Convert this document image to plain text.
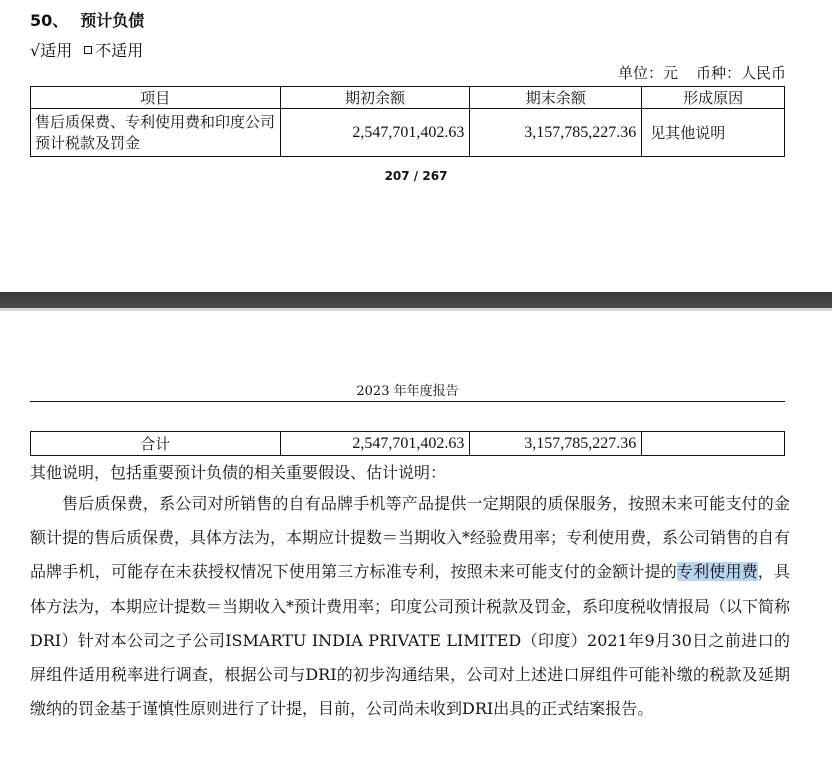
50、 预计负债
√适用 不适用
单位：元 币种：人民币
项目	期初余额	期末余额	形成原因
售后质保费、专利使用费和印度公司预计税款及罚金	2,547,701,402.63	3,157,785,227.36	见其他说明
207 / 267
2023 年年度报告
合计	2,547,701,402.63	3,157,785,227.36	
其他说明，包括重要预计负债的相关重要假设、估计说明：
售后质保费，系公司对所销售的自有品牌手机等产品提供一定期限的质保服务，按照未来可能支付的金额计提的售后质保费，具体方法为，本期应计提数＝当期收入*经验费用率；专利使用费，系公司销售的自有品牌手机，可能存在未获授权情况下使用第三方标准专利，按照未来可能支付的金额计提的专利使用费，具体方法为，本期应计提数＝当期收入*预计费用率；印度公司预计税款及罚金，系印度税收情报局（以下简称DRI）针对本公司之子公司ISMARTU INDIA PRIVATE LIMITED（印度）2021年9月30日之前进口的屏组件适用税率进行调查，根据公司与DRI的初步沟通结果，公司对上述进口屏组件可能补缴的税款及延期缴纳的罚金基于谨慎性原则进行了计提，目前，公司尚未收到DRI出具的正式结案报告。
